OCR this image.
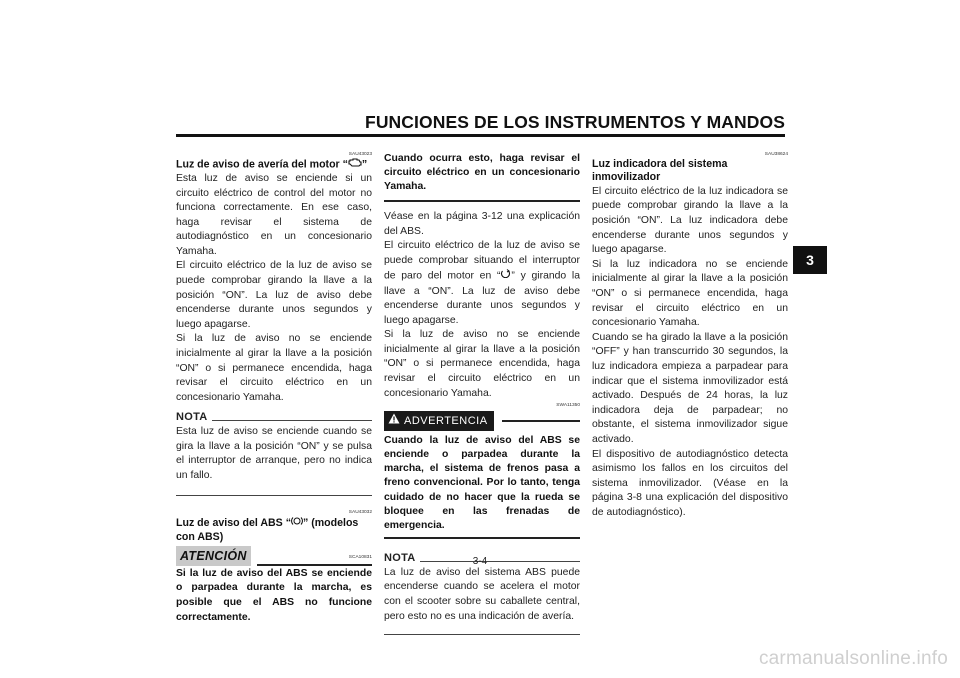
FUNCIONES DE LOS INSTRUMENTOS Y MANDOS
3
SAU43023
Luz de aviso de avería del motor “ ”
Esta luz de aviso se enciende si un circuito eléctrico de control del motor no funciona correctamente. En ese caso, haga revisar el sistema de autodiagnóstico en un concesionario Yamaha.
El circuito eléctrico de la luz de aviso se puede comprobar girando la llave a la posición “ON”. La luz de aviso debe encenderse durante unos segundos y luego apagarse.
Si la luz de aviso no se enciende inicialmente al girar la llave a la posición “ON” o si permanece encendida, haga revisar el circuito eléctrico en un concesionario Yamaha.
NOTA
Esta luz de aviso se enciende cuando se gira la llave a la posición “ON” y se pulsa el interruptor de arranque, pero no indica un fallo.
SAU43032
Luz de aviso del ABS “ ” (modelos con ABS)
ATENCIÓN	SCA10831
Si la luz de aviso del ABS se enciende o parpadea durante la marcha, es posible que el ABS no funcione correctamente.
Cuando ocurra esto, haga revisar el circuito eléctrico en un concesionario Yamaha.
Véase en la página 3-12 una explicación del ABS.
El circuito eléctrico de la luz de aviso se puede comprobar situando el interruptor de paro del motor en “ ” y girando la llave a “ON”. La luz de aviso debe encenderse durante unos segundos y luego apagarse.
Si la luz de aviso no se enciende inicialmente al girar la llave a la posición “ON” o si permanece encendida, haga revisar el circuito eléctrico en un concesionario Yamaha.
SWA11350
ADVERTENCIA
Cuando la luz de aviso del ABS se enciende o parpadea durante la marcha, el sistema de frenos pasa a freno convencional. Por lo tanto, tenga cuidado de no hacer que la rueda se bloquee en las frenadas de emergencia.
NOTA
La luz de aviso del sistema ABS puede encenderse cuando se acelera el motor con el scooter sobre su caballete central, pero esto no es una indicación de avería.
SAU38624
Luz indicadora del sistema inmovilizador
El circuito eléctrico de la luz indicadora se puede comprobar girando la llave a la posición “ON”. La luz indicadora debe encenderse durante unos segundos y luego apagarse.
Si la luz indicadora no se enciende inicialmente al girar la llave a la posición “ON” o si permanece encendida, haga revisar el circuito eléctrico en un concesionario Yamaha.
Cuando se ha girado la llave a la posición “OFF” y han transcurrido 30 segundos, la luz indicadora empieza a parpadear para indicar que el sistema inmovilizador está activado. Después de 24 horas, la luz indicadora deja de parpadear; no obstante, el sistema inmovilizador sigue activado.
El dispositivo de autodiagnóstico detecta asimismo los fallos en los circuitos del sistema inmovilizador. (Véase en la página 3-8 una explicación del dispositivo de autodiagnóstico).
3-4
carmanualsonline.info
